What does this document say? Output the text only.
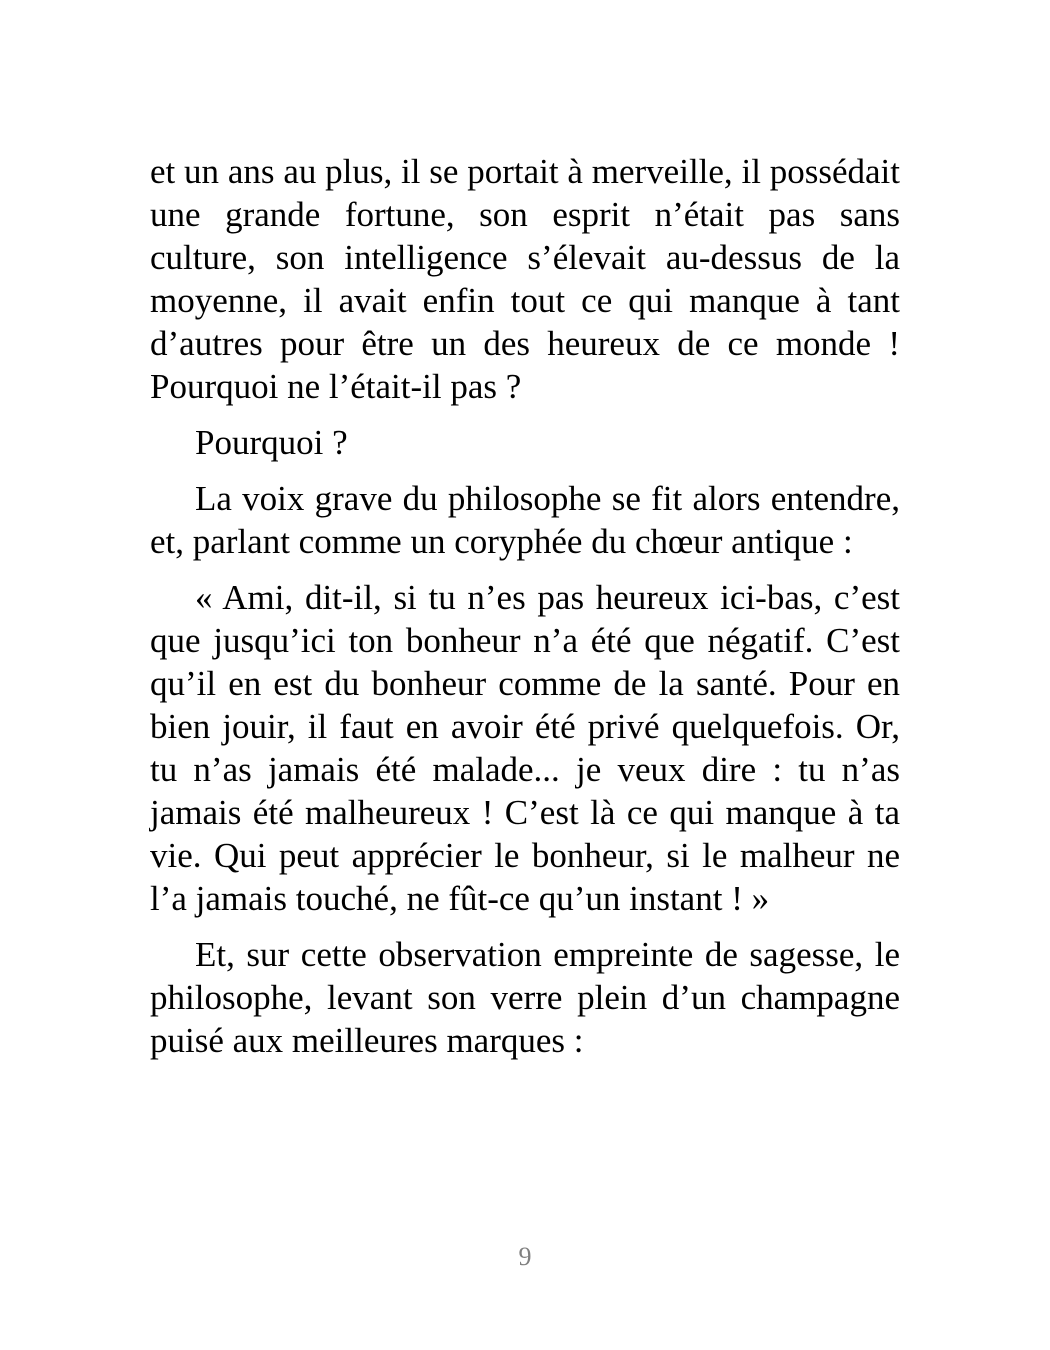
et un ans au plus, il se portait à merveille, il possédait une grande fortune, son esprit n’était pas sans culture, son intelligence s’élevait au-dessus de la moyenne, il avait enfin tout ce qui manque à tant d’autres pour être un des heureux de ce monde ! Pourquoi ne l’était-il pas ?

Pourquoi ?

La voix grave du philosophe se fit alors entendre, et, parlant comme un coryphée du chœur antique :

« Ami, dit-il, si tu n’es pas heureux ici-bas, c’est que jusqu’ici ton bonheur n’a été que négatif. C’est qu’il en est du bonheur comme de la santé. Pour en bien jouir, il faut en avoir été privé quelquefois. Or, tu n’as jamais été malade... je veux dire : tu n’as jamais été malheureux ! C’est là ce qui manque à ta vie. Qui peut apprécier le bonheur, si le malheur ne l’a jamais touché, ne fût-ce qu’un instant ! »

Et, sur cette observation empreinte de sagesse, le philosophe, levant son verre plein d’un champagne puisé aux meilleures marques :

9
